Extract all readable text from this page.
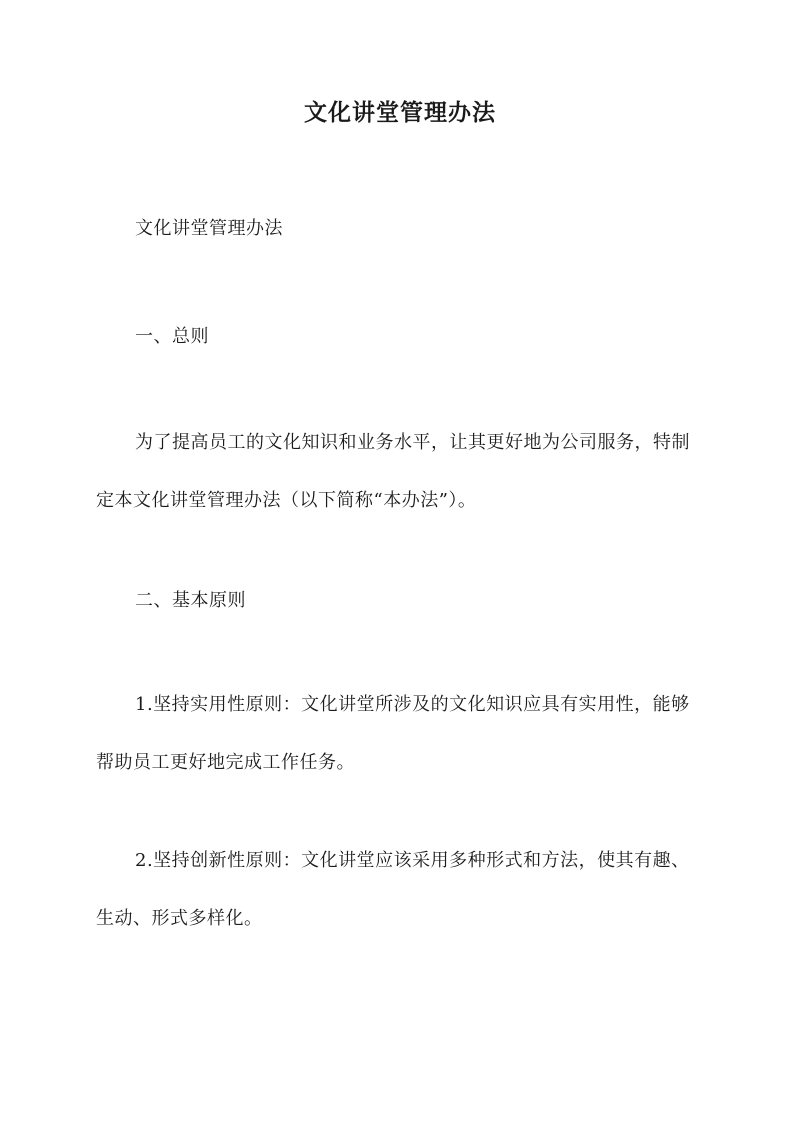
文化讲堂管理办法
文化讲堂管理办法
一、总则
为了提高员工的文化知识和业务水平，让其更好地为公司服务，特制
定本文化讲堂管理办法（以下简称“本办法”）。
二、基本原则
1.坚持实用性原则：文化讲堂所涉及的文化知识应具有实用性，能够
帮助员工更好地完成工作任务。
2.坚持创新性原则：文化讲堂应该采用多种形式和方法，使其有趣、
生动、形式多样化。
